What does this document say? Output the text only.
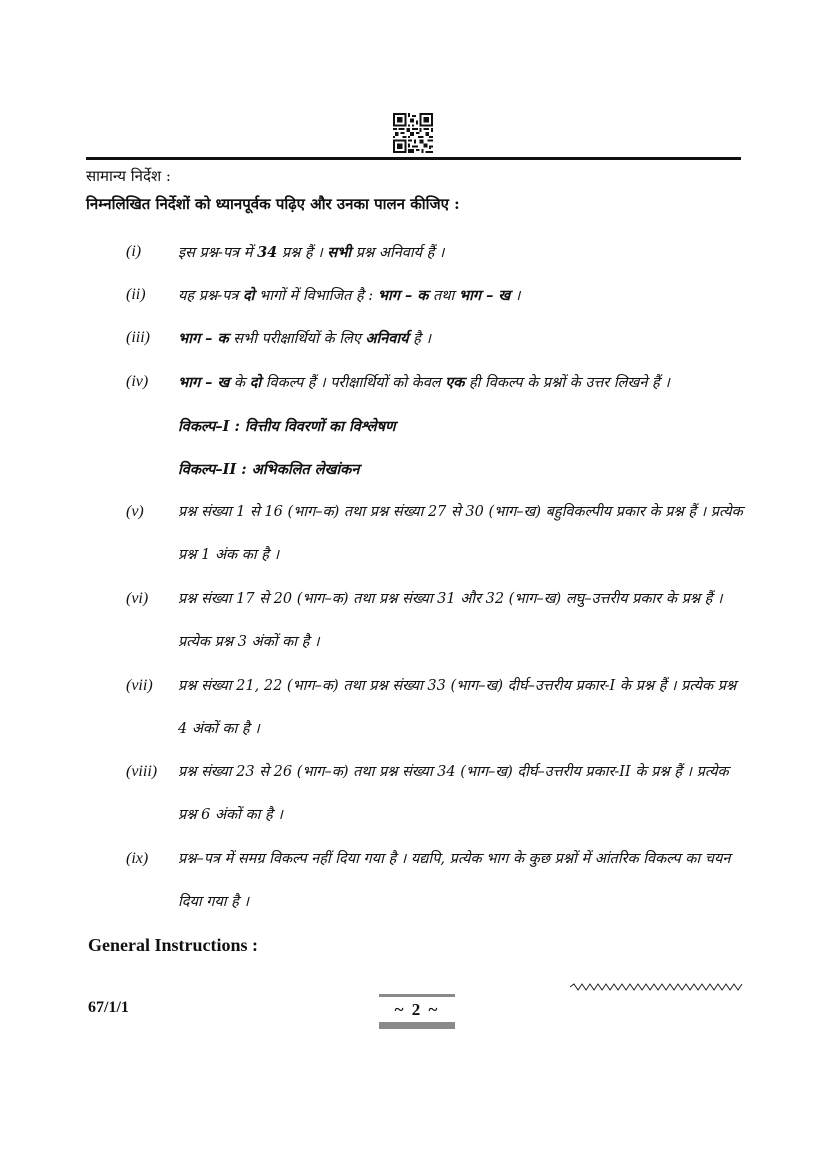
सामान्य निर्देश :
निम्नलिखित निर्देशों को ध्यानपूर्वक पढ़िए और उनका पालन कीजिए :
(i)	इस प्रश्न-पत्र में 34 प्रश्न हैं । सभी प्रश्न अनिवार्य हैं ।
(ii)	यह प्रश्न-पत्र दो भागों में विभाजित है : भाग – क तथा भाग – ख ।
(iii)	भाग – क सभी परीक्षार्थियों के लिए अनिवार्य है ।
(iv)	भाग – ख के दो विकल्प हैं । परीक्षार्थियों को केवल एक ही विकल्प के प्रश्नों के उत्तर लिखने हैं ।
विकल्प–I : वित्तीय विवरणों का विश्लेषण
विकल्प–II : अभिकलित लेखांकन
(v)	प्रश्न संख्या 1 से 16 (भाग–क) तथा प्रश्न संख्या 27 से 30 (भाग–ख) बहुविकल्पीय प्रकार के प्रश्न हैं । प्रत्येक प्रश्न 1 अंक का है ।
(vi)	प्रश्न संख्या 17 से 20 (भाग–क) तथा प्रश्न संख्या 31 और 32 (भाग–ख) लघु–उत्तरीय प्रकार के प्रश्न हैं । प्रत्येक प्रश्न 3 अंकों का है ।
(vii)	प्रश्न संख्या 21, 22 (भाग–क) तथा प्रश्न संख्या 33 (भाग–ख) दीर्घ–उत्तरीय प्रकार-I के प्रश्न हैं । प्रत्येक प्रश्न 4 अंकों का है ।
(viii)	प्रश्न संख्या 23 से 26 (भाग–क) तथा प्रश्न संख्या 34 (भाग–ख) दीर्घ–उत्तरीय प्रकार-II के प्रश्न हैं । प्रत्येक प्रश्न 6 अंकों का है ।
(ix)	प्रश्न–पत्र में समग्र विकल्प नहीं दिया गया है । यद्यपि, प्रत्येक भाग के कुछ प्रश्नों में आंतरिक विकल्प का चयन दिया गया है ।
General Instructions :
67/1/1	~ 2 ~
